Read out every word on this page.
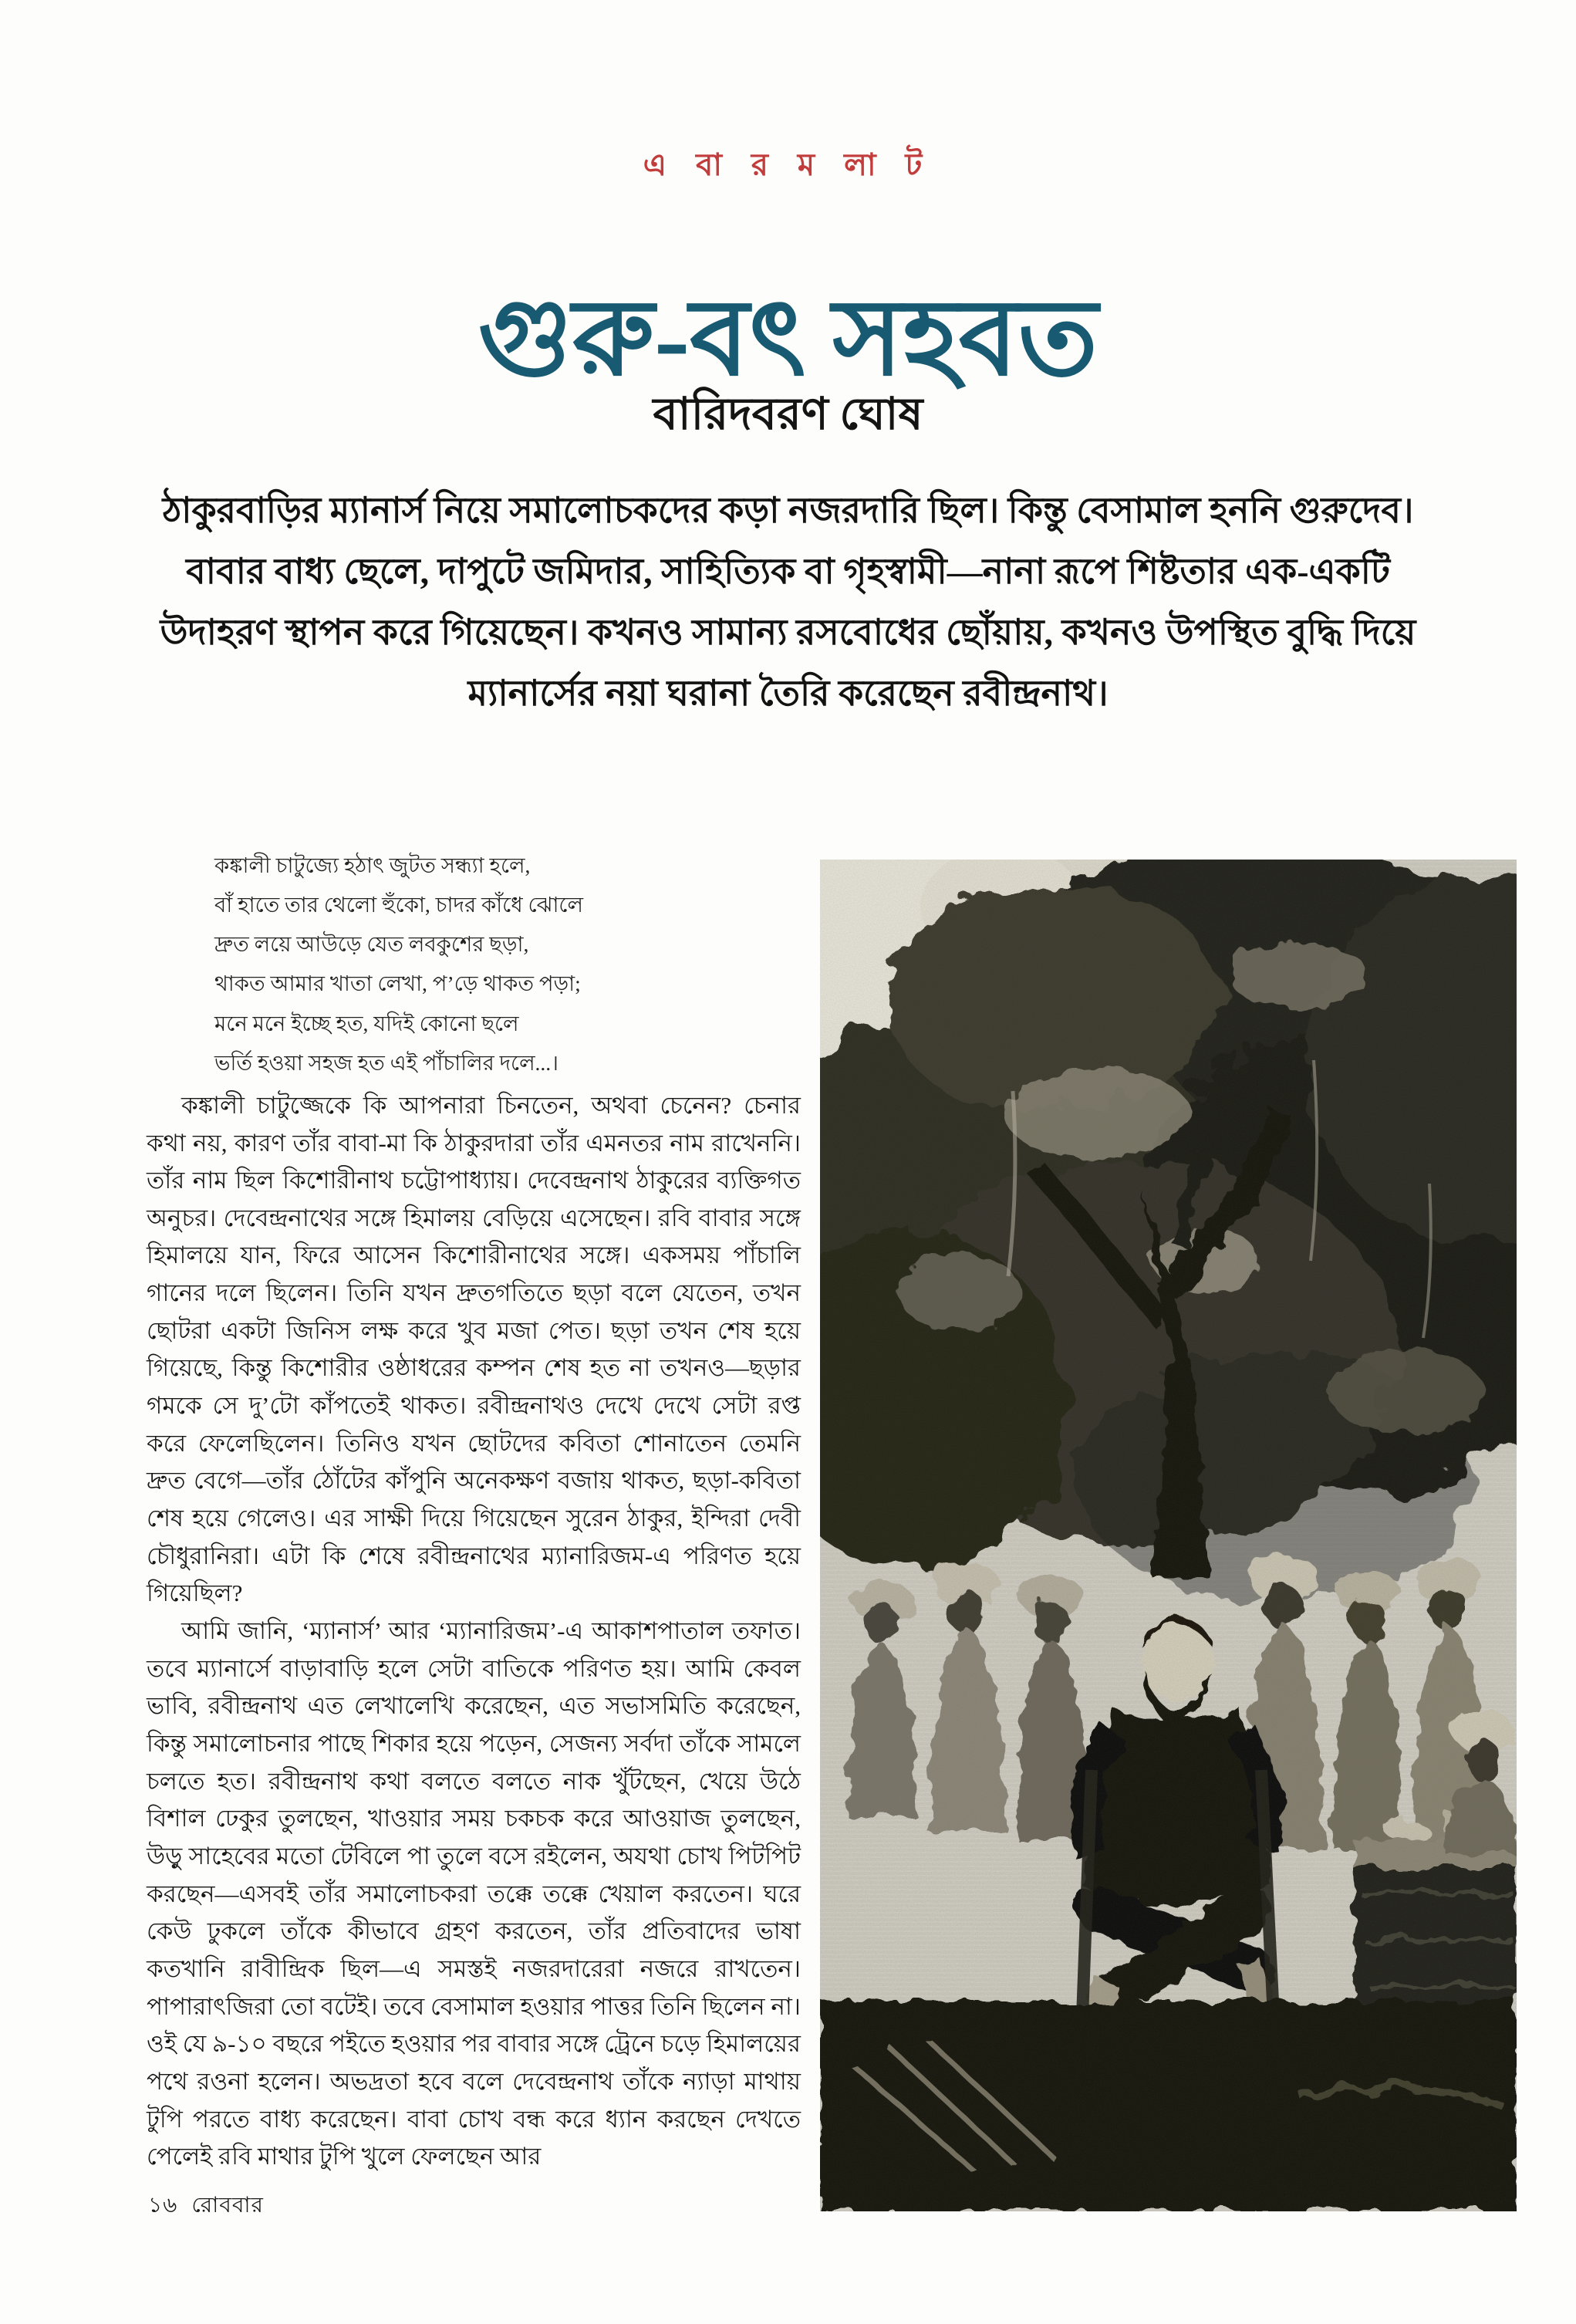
এ বা র ম লা ট
গুরু-বৎ সহবত
বারিদবরণ ঘোষ
ঠাকুরবাড়ির ম্যানার্স নিয়ে সমালোচকদের কড়া নজরদারি ছিল। কিন্তু বেসামাল হননি গুরুদেব। বাবার বাধ্য ছেলে, দাপুটে জমিদার, সাহিত্যিক বা গৃহস্বামী—নানা রূপে শিষ্টতার এক-একটি উদাহরণ স্থাপন করে গিয়েছেন। কখনও সামান্য রসবোধের ছোঁয়ায়, কখনও উপস্থিত বুদ্ধি দিয়ে ম্যানার্সের নয়া ঘরানা তৈরি করেছেন রবীন্দ্রনাথ।
কঙ্কালী চাটুজ্যে হঠাৎ জুটত সন্ধ্যা হলে,
বাঁ হাতে তার থেলো হুঁকো, চাদর কাঁধে ঝোলে
দ্রুত লয়ে আউড়ে যেত লবকুশের ছড়া,
থাকত আমার খাতা লেখা, প’ড়ে থাকত পড়া;
মনে মনে ইচ্ছে হত, যদিই কোনো ছলে
ভর্তি হওয়া সহজ হত এই পাঁচালির দলে...।

কঙ্কালী চাটুজ্জেকে কি আপনারা চিনতেন, অথবা চেনেন? চেনার কথা নয়, কারণ তাঁর বাবা-মা কি ঠাকুরদারা তাঁর এমনতর নাম রাখেননি। তাঁর নাম ছিল কিশোরীনাথ চট্টোপাধ্যায়। দেবেন্দ্রনাথ ঠাকুরের ব্যক্তিগত অনুচর। দেবেন্দ্রনাথের সঙ্গে হিমালয় বেড়িয়ে এসেছেন। রবি বাবার সঙ্গে হিমালয়ে যান, ফিরে আসেন কিশোরীনাথের সঙ্গে। একসময় পাঁচালি গানের দলে ছিলেন। তিনি যখন দ্রুতগতিতে ছড়া বলে যেতেন, তখন ছোটরা একটা জিনিস লক্ষ করে খুব মজা পেত। ছড়া তখন শেষ হয়ে গিয়েছে, কিন্তু কিশোরীর ওষ্ঠাধরের কম্পন শেষ হত না তখনও—ছড়ার গমকে সে দু’টো কাঁপতেই থাকত। রবীন্দ্রনাথও দেখে দেখে সেটা রপ্ত করে ফেলেছিলেন। তিনিও যখন ছোটদের কবিতা শোনাতেন তেমনি দ্রুত বেগে—তাঁর ঠোঁটের কাঁপুনি অনেকক্ষণ বজায় থাকত, ছড়া-কবিতা শেষ হয়ে গেলেও। এর সাক্ষী দিয়ে গিয়েছেন সুরেন ঠাকুর, ইন্দিরা দেবী চৌধুরানিরা। এটা কি শেষে রবীন্দ্রনাথের ম্যানারিজম-এ পরিণত হয়ে গিয়েছিল?

আমি জানি, ‘ম্যানার্স’ আর ‘ম্যানারিজম’-এ আকাশপাতাল তফাত। তবে ম্যানার্সে বাড়াবাড়ি হলে সেটা বাতিকে পরিণত হয়। আমি কেবল ভাবি, রবীন্দ্রনাথ এত লেখালেখি করেছেন, এত সভাসমিতি করেছেন, কিন্তু সমালোচনার পাছে শিকার হয়ে পড়েন, সেজন্য সর্বদা তাঁকে সামলে চলতে হত। রবীন্দ্রনাথ কথা বলতে বলতে নাক খুঁটছেন, খেয়ে উঠে বিশাল ঢেকুর তুলছেন, খাওয়ার সময় চকচক করে আওয়াজ তুলছেন, উড়ু সাহেবের মতো টেবিলে পা তুলে বসে রইলেন, অযথা চোখ পিটপিট করছেন—এসবই তাঁর সমালোচকরা তক্কে তক্কে খেয়াল করতেন। ঘরে কেউ ঢুকলে তাঁকে কীভাবে গ্রহণ করতেন, তাঁর প্রতিবাদের ভাষা কতখানি রাবীন্দ্রিক ছিল—এ সমস্তই নজরদারেরা নজরে রাখতেন। পাপারাৎজিরা তো বটেই। তবে বেসামাল হওয়ার পাত্তর তিনি ছিলেন না। ওই যে ৯-১০ বছরে পইতে হওয়ার পর বাবার সঙ্গে ট্রেনে চড়ে হিমালয়ের পথে রওনা হলেন। অভদ্রতা হবে বলে দেবেন্দ্রনাথ তাঁকে ন্যাড়া মাথায় টুপি পরতে বাধ্য করেছেন। বাবা চোখ বন্ধ করে ধ্যান করছেন দেখতে পেলেই রবি মাথার টুপি খুলে ফেলছেন আর

১৬ রোববার
